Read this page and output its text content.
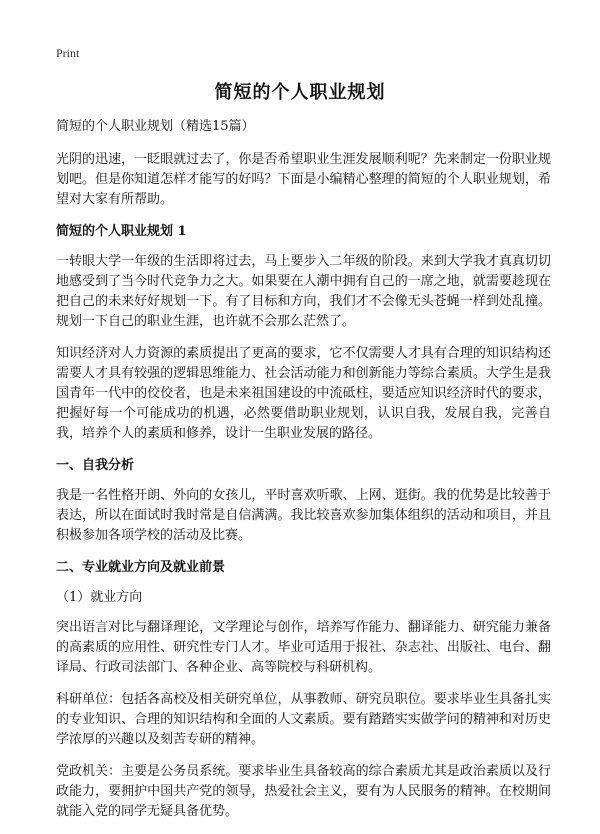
Print
简短的个人职业规划

简短的个人职业规划（精选15篇）

光阴的迅速，一眨眼就过去了，你是否希望职业生涯发展顺利呢？先来制定一份职业规划吧。但是你知道怎样才能写的好吗？下面是小编精心整理的简短的个人职业规划，希望对大家有所帮助。

简短的个人职业规划 1

一转眼大学一年级的生活即将过去，马上要步入二年级的阶段。来到大学我才真真切切地感受到了当今时代竞争力之大。如果要在人潮中拥有自己的一席之地，就需要趁现在把自己的未来好好规划一下。有了目标和方向，我们才不会像无头苍蝇一样到处乱撞。规划一下自己的职业生涯，也许就不会那么茫然了。

知识经济对人力资源的素质提出了更高的要求，它不仅需要人才具有合理的知识结构还需要人才具有较强的逻辑思维能力、社会活动能力和创新能力等综合素质。大学生是我国青年一代中的佼佼者，也是未来祖国建设的中流砥柱，要适应知识经济时代的要求，把握好每一个可能成功的机遇，必然要借助职业规划，认识自我，发展自我，完善自我，培养个人的素质和修养，设计一生职业发展的路径。

一、自我分析

我是一名性格开朗、外向的女孩儿，平时喜欢听歌、上网、逛街。我的优势是比较善于表达，所以在面试时我时常是自信满满。我比较喜欢参加集体组织的活动和项目，并且积极参加各项学校的活动及比赛。

二、专业就业方向及就业前景

（1）就业方向

突出语言对比与翻译理论，文学理论与创作，培养写作能力、翻译能力、研究能力兼备的高素质的应用性、研究性专门人才。毕业可适用于报社、杂志社、出版社、电台、翻译局、行政司法部门、各种企业、高等院校与科研机构。

科研单位：包括各高校及相关研究单位，从事教师、研究员职位。要求毕业生具备扎实的专业知识、合理的知识结构和全面的人文素质。要有踏踏实实做学问的精神和对历史学浓厚的兴趣以及刻苦专研的精神。

党政机关：主要是公务员系统。要求毕业生具备较高的综合素质尤其是政治素质以及行政能力，要拥护中国共产党的领导，热爱社会主义，要有为人民服务的精神。在校期间就能入党的同学无疑具备优势。
